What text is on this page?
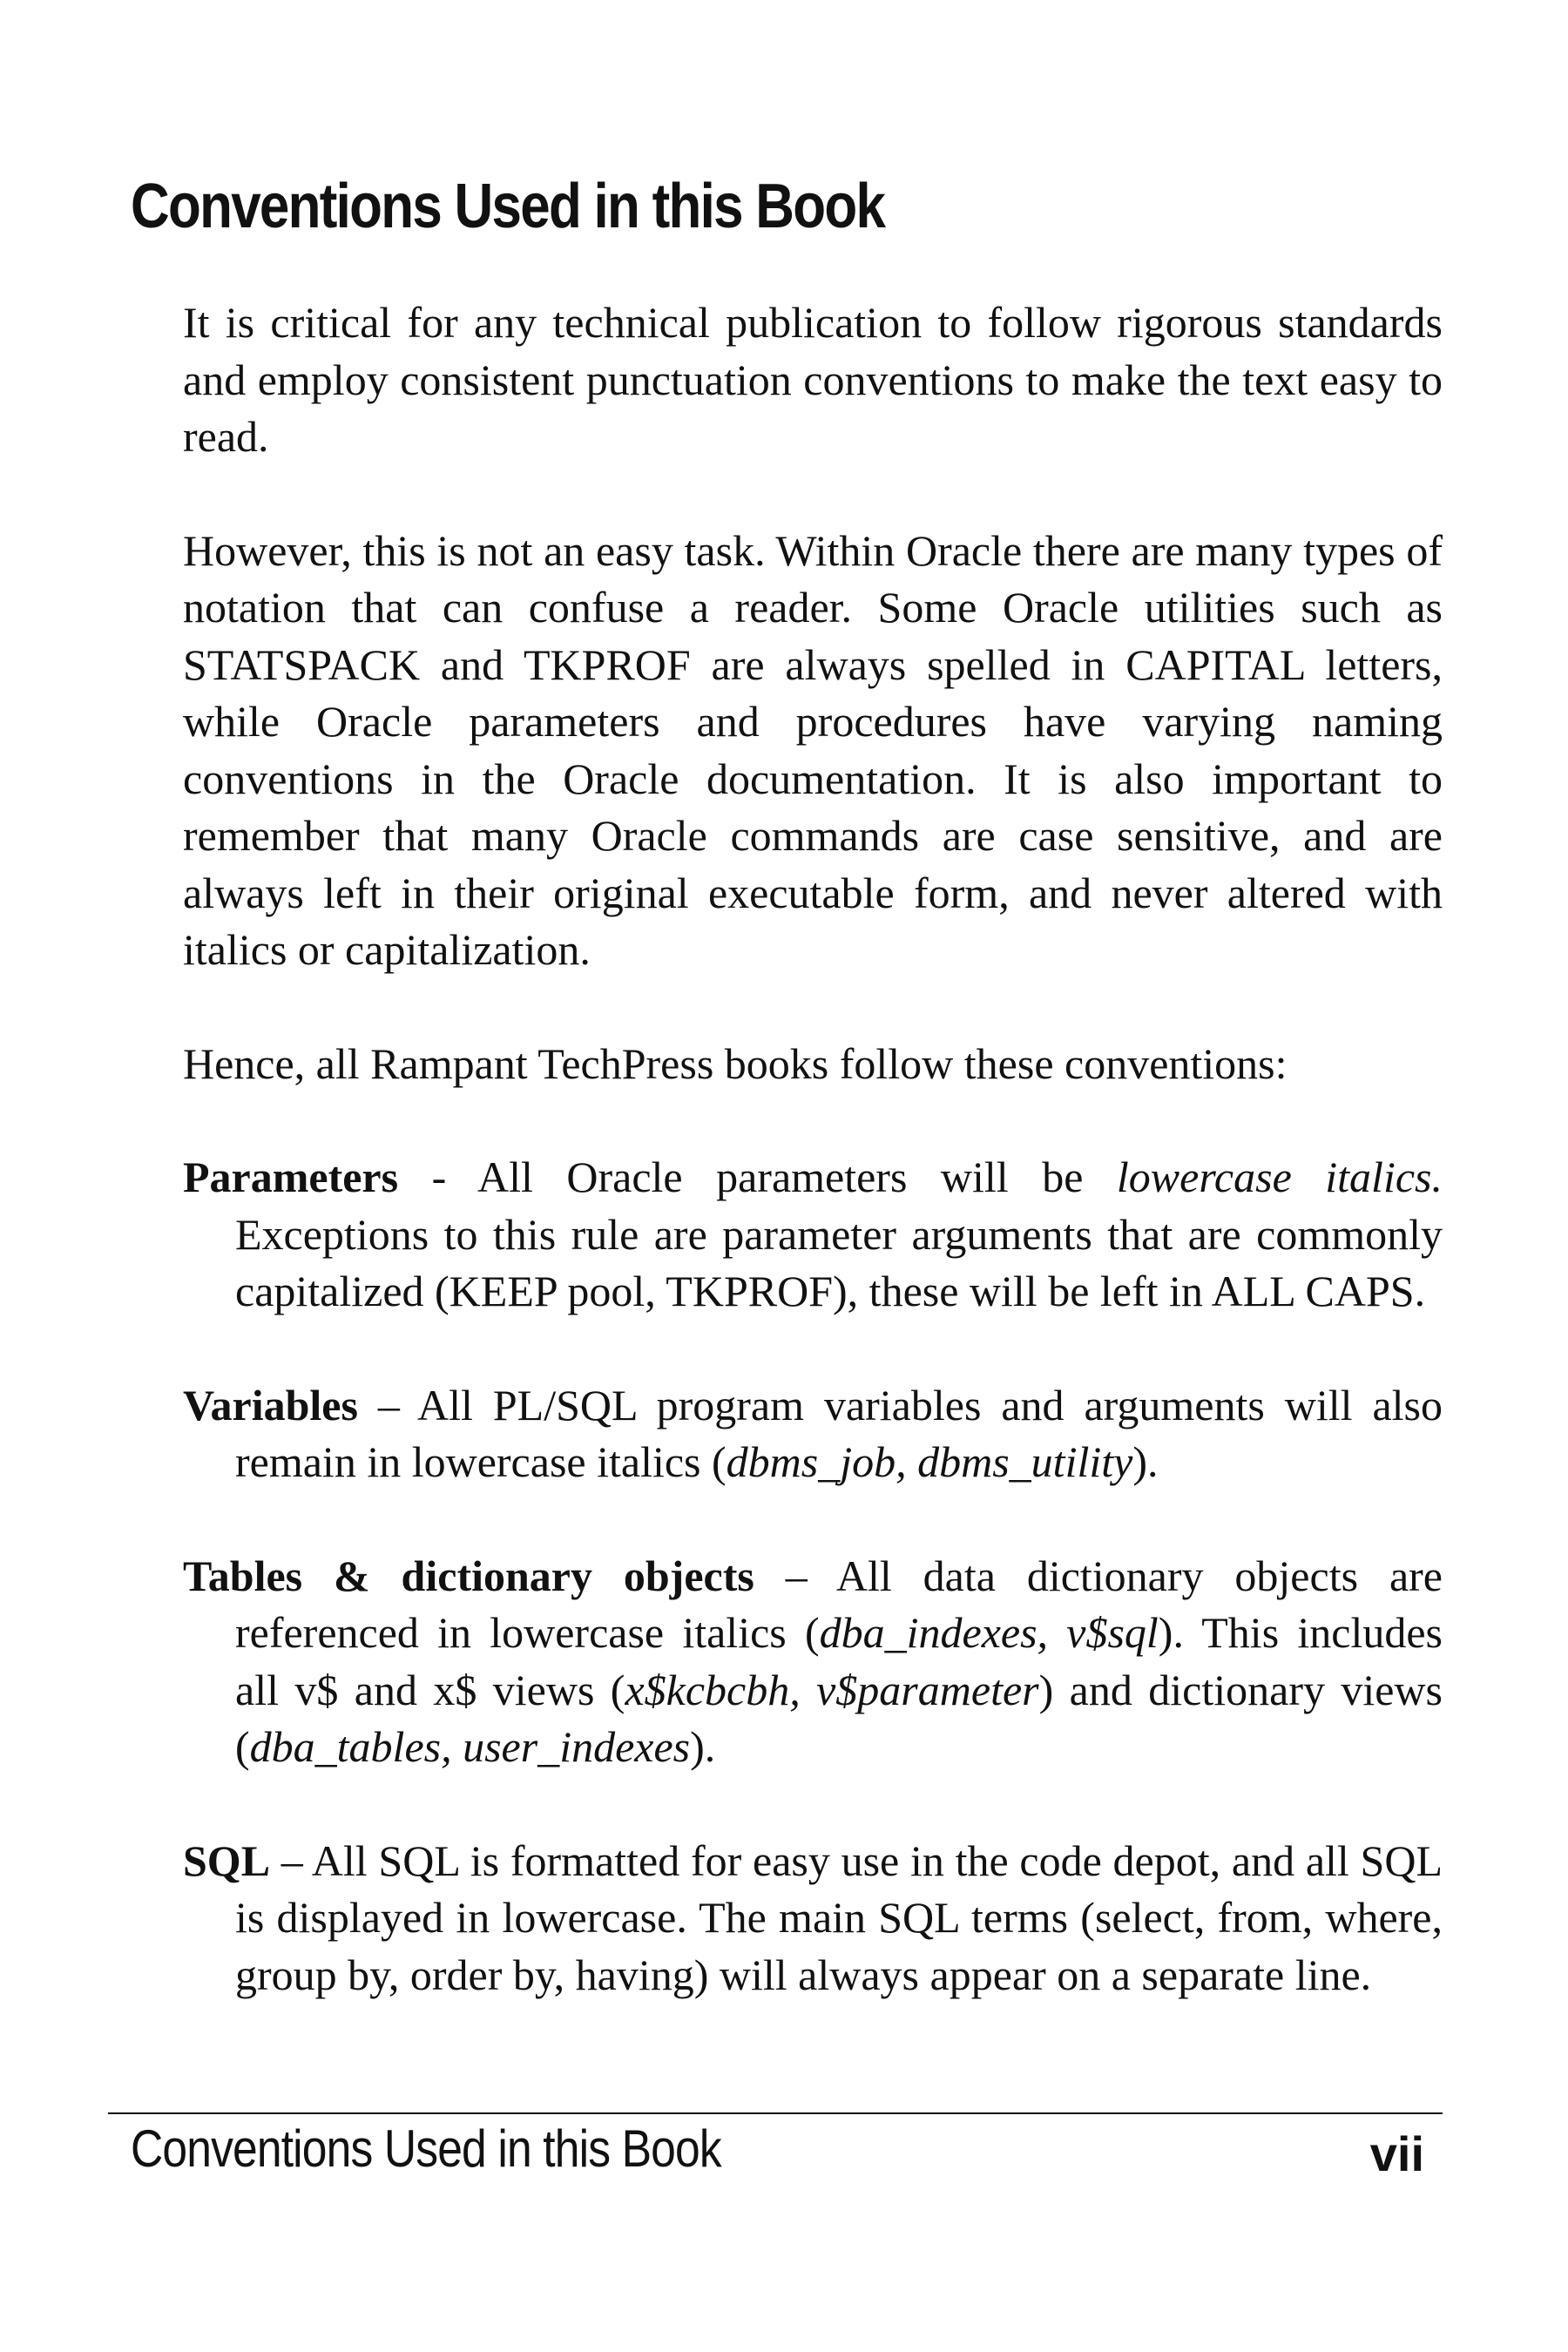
Conventions Used in this Book

It is critical for any technical publication to follow rigorous standards and employ consistent punctuation conventions to make the text easy to read.

However, this is not an easy task. Within Oracle there are many types of notation that can confuse a reader. Some Oracle utilities such as STATSPACK and TKPROF are always spelled in CAPITAL letters, while Oracle parameters and procedures have varying naming conventions in the Oracle documentation. It is also important to remember that many Oracle commands are case sensitive, and are always left in their original executable form, and never altered with italics or capitalization.

Hence, all Rampant TechPress books follow these conventions:

Parameters - All Oracle parameters will be lowercase italics. Exceptions to this rule are parameter arguments that are commonly capitalized (KEEP pool, TKPROF), these will be left in ALL CAPS.

Variables – All PL/SQL program variables and arguments will also remain in lowercase italics (dbms_job, dbms_utility).

Tables & dictionary objects – All data dictionary objects are referenced in lowercase italics (dba_indexes, v$sql). This includes all v$ and x$ views (x$kcbcbh, v$parameter) and dictionary views (dba_tables, user_indexes).

SQL – All SQL is formatted for easy use in the code depot, and all SQL is displayed in lowercase. The main SQL terms (select, from, where, group by, order by, having) will always appear on a separate line.

Conventions Used in this Book	vii
